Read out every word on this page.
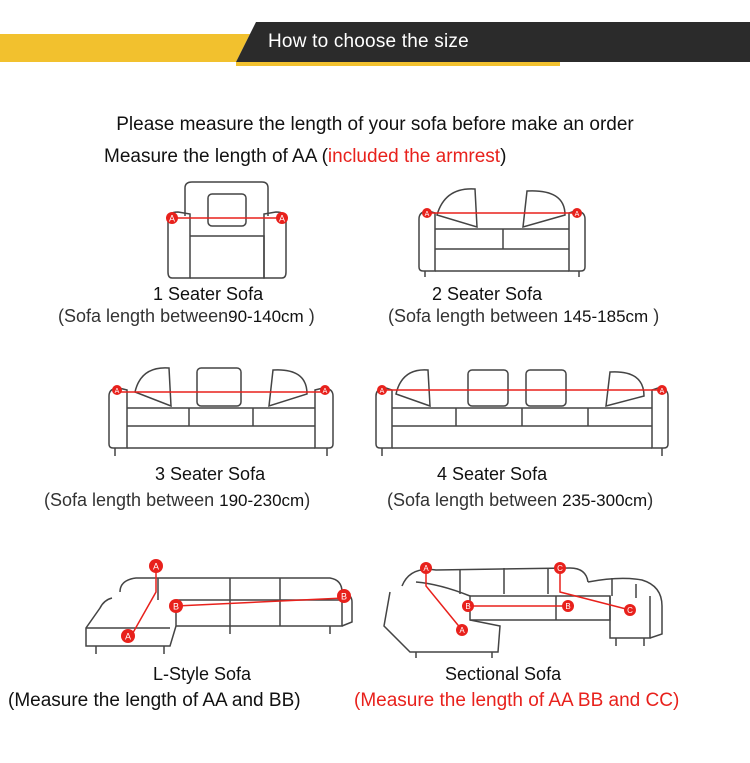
How to choose the size
Please measure the length of your sofa before make an order
Measure the length of AA (included the armrest)
A	A
1 Seater Sofa
(Sofa length between90-140cm )
A	A
2 Seater Sofa
(Sofa length between 145-185cm )
A	A
3 Seater Sofa
(Sofa length between 190-230cm)
A	A
4 Seater Sofa
(Sofa length between 235-300cm)
A
A
B
B
L-Style Sofa
A
A
B	B
C
C
Sectional Sofa
(Measure the length of AA and BB)	(Measure the length of AA BB and CC)
